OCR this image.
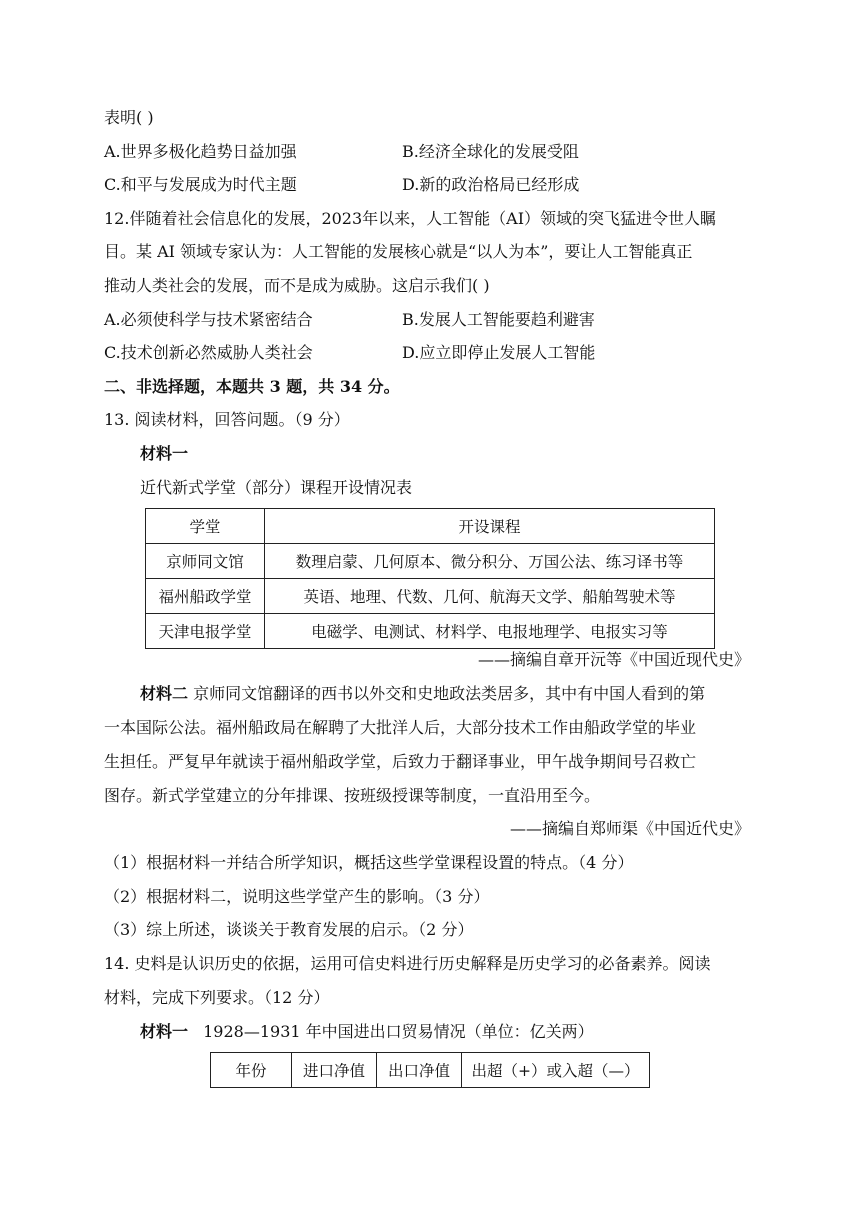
表明( )
A.世界多极化趋势日益加强	B.经济全球化的发展受阻
C.和平与发展成为时代主题	D.新的政治格局已经形成
12.伴随着社会信息化的发展，2023年以来，人工智能（AI）领域的突飞猛进令世人瞩
目。某 AI 领域专家认为：人工智能的发展核心就是“以人为本”，要让人工智能真正
推动人类社会的发展，而不是成为威胁。这启示我们( )
A.必须使科学与技术紧密结合	B.发展人工智能要趋利避害
C.技术创新必然威胁人类社会	D.应立即停止发展人工智能
二、非选择题，本题共 3 题，共 34 分。
13. 阅读材料，回答问题。（9 分）
材料一
近代新式学堂（部分）课程开设情况表
学堂	开设课程
京师同文馆	数理启蒙、几何原本、微分积分、万国公法、练习译书等
福州船政学堂	英语、地理、代数、几何、航海天文学、船舶驾驶术等
天津电报学堂	电磁学、电测试、材料学、电报地理学、电报实习等
——摘编自章开沅等《中国近现代史》
材料二 京师同文馆翻译的西书以外交和史地政法类居多，其中有中国人看到的第
一本国际公法。福州船政局在解聘了大批洋人后，大部分技术工作由船政学堂的毕业
生担任。严复早年就读于福州船政学堂，后致力于翻译事业，甲午战争期间号召救亡
图存。新式学堂建立的分年排课、按班级授课等制度，一直沿用至今。
——摘编自郑师渠《中国近代史》
（1）根据材料一并结合所学知识，概括这些学堂课程设置的特点。（4 分）
（2）根据材料二，说明这些学堂产生的影响。（3 分）
（3）综上所述，谈谈关于教育发展的启示。（2 分）
14. 史料是认识历史的依据，运用可信史料进行历史解释是历史学习的必备素养。阅读
材料，完成下列要求。（12 分）
材料一 1928—1931 年中国进出口贸易情况（单位：亿关两）
年份	进口净值	出口净值	出超（+）或入超（—）
